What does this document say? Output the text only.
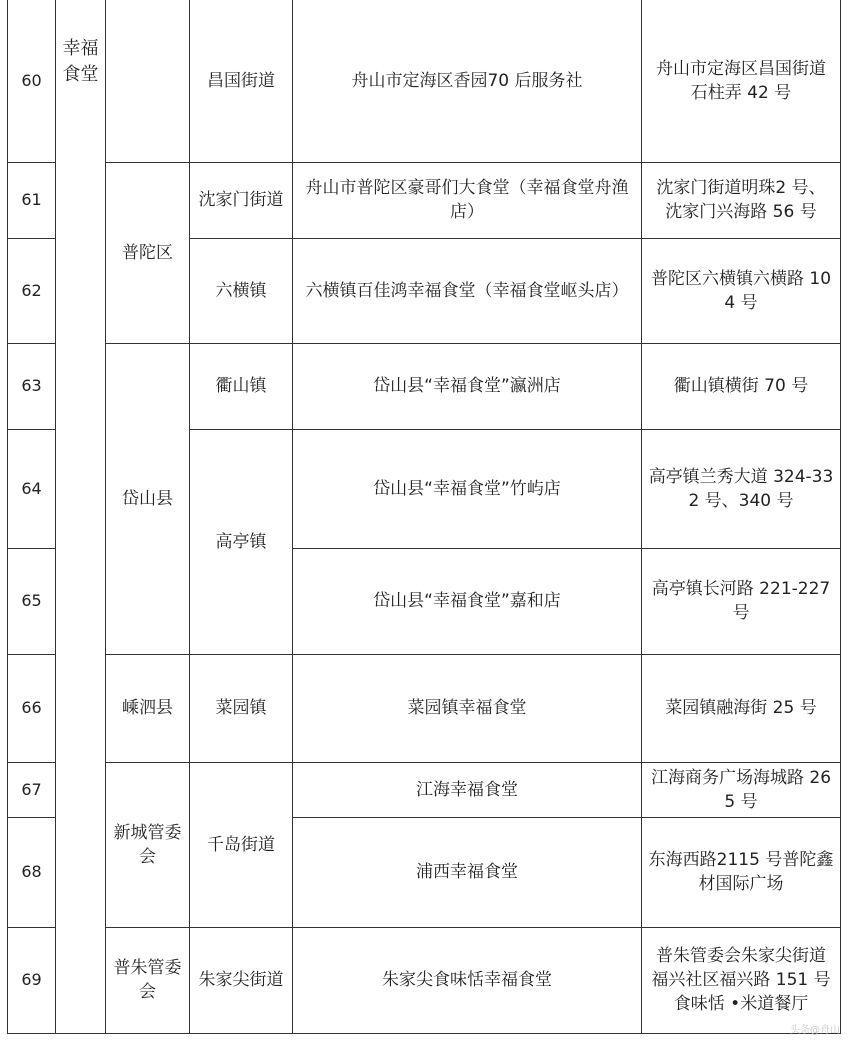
60	幸福食堂		昌国街道	舟山市定海区香园70 后服务社	舟山市定海区昌国街道石柱弄 42 号
61		普陀区	沈家门街道	舟山市普陀区豪哥们大食堂（幸福食堂舟渔店）	沈家门街道明珠2 号、沈家门兴海路 56 号
62			六横镇	六横镇百佳鸿幸福食堂（幸福食堂岖头店）	普陀区六横镇六横路 104 号
63		岱山县	衢山镇	岱山县“幸福食堂”瀛洲店	衢山镇横街 70 号
64			高亭镇	岱山县“幸福食堂”竹屿店	高亭镇兰秀大道 324-332 号、340 号
65				岱山县“幸福食堂”嘉和店	高亭镇长河路 221-227 号
66		嵊泗县	菜园镇	菜园镇幸福食堂	菜园镇融海街 25 号
67		新城管委会	千岛街道	江海幸福食堂	江海商务广场海城路 265 号
68				浦西幸福食堂	东海西路2115 号普陀鑫材国际广场
69		普朱管委会	朱家尖街道	朱家尖食味恬幸福食堂	普朱管委会朱家尖街道福兴社区福兴路 151 号食味恬 •米道餐厅
头条@舟山
